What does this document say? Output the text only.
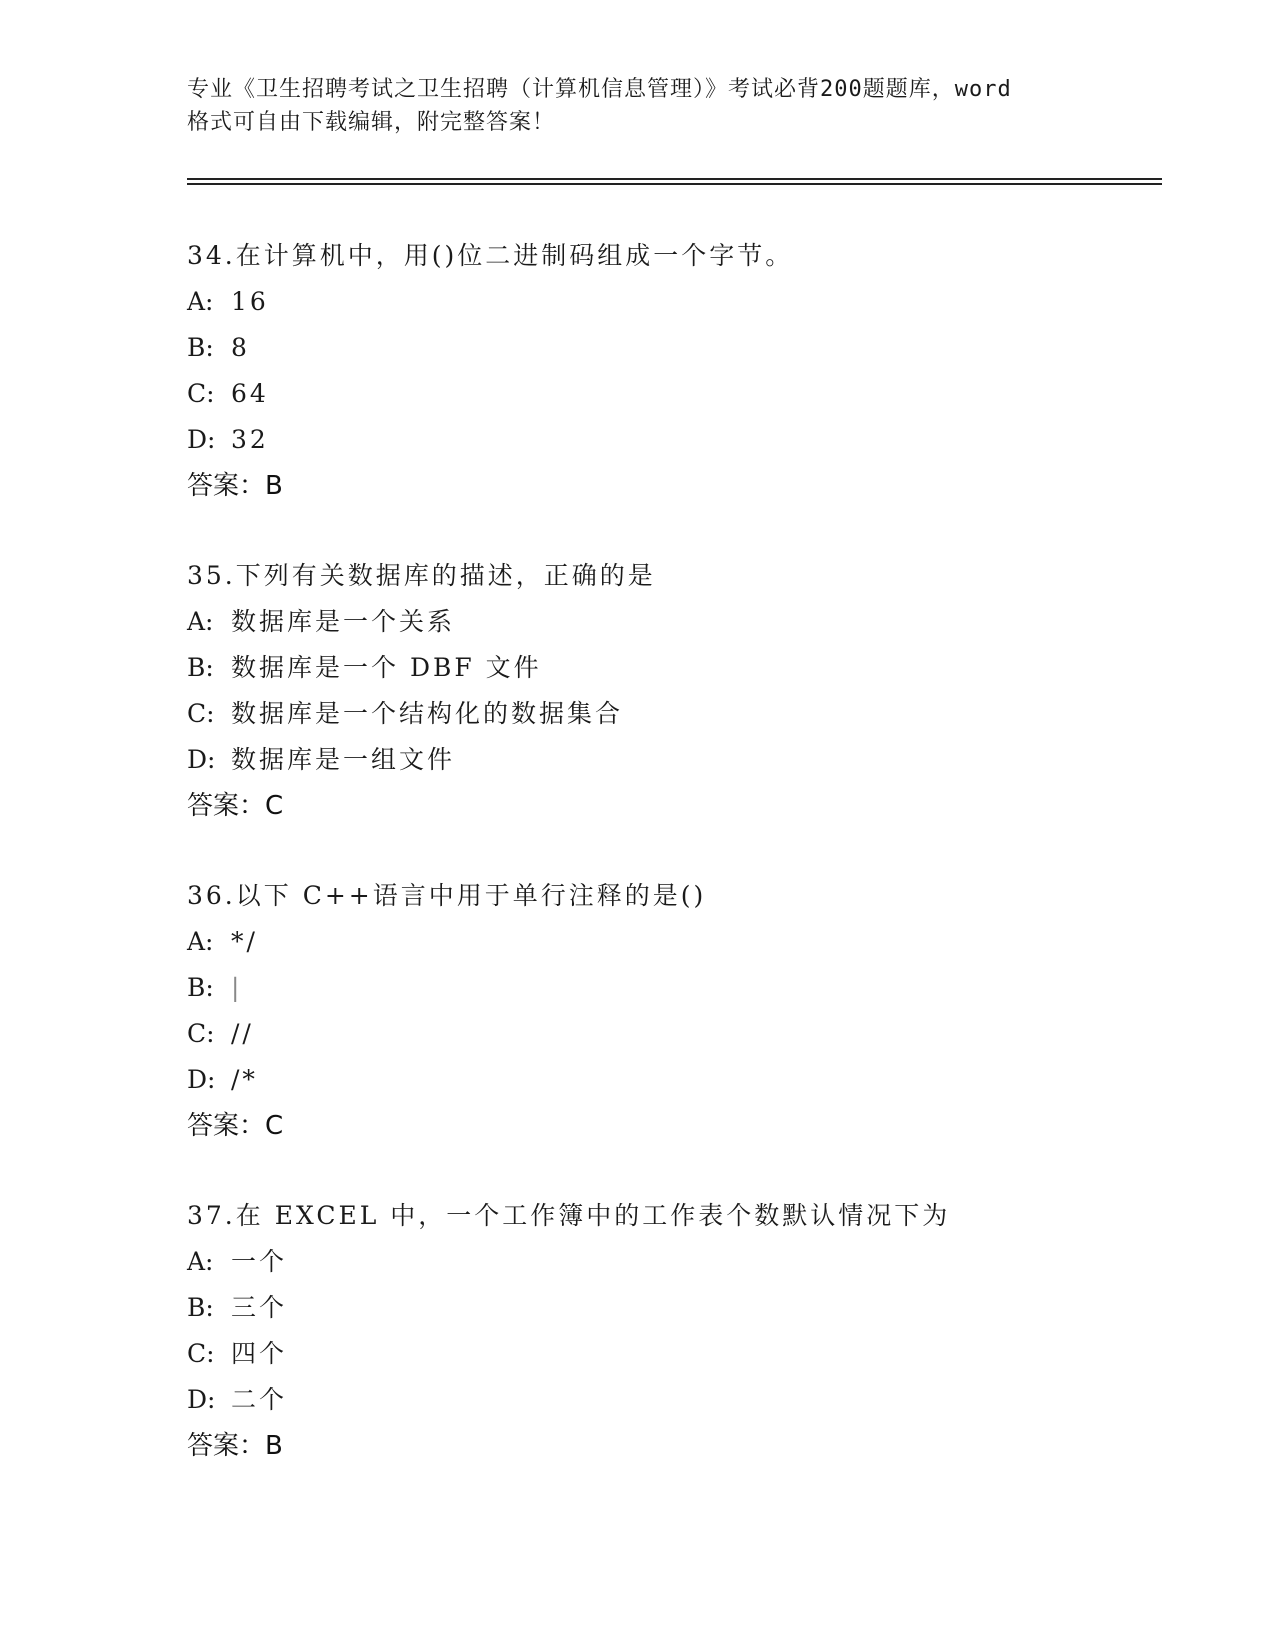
专业《卫生招聘考试之卫生招聘（计算机信息管理）》考试必背200题题库，word
格式可自由下载编辑，附完整答案！
34.在计算机中，用()位二进制码组成一个字节。
A: 16
B: 8
C: 64
D: 32
答案：B
35.下列有关数据库的描述，正确的是
A: 数据库是一个关系
B: 数据库是一个 DBF 文件
C: 数据库是一个结构化的数据集合
D: 数据库是一组文件
答案：C
36.以下 C++语言中用于单行注释的是()
A: */
B: |
C: //
D: /*
答案：C
37.在 EXCEL 中，一个工作簿中的工作表个数默认情况下为
A: 一个
B: 三个
C: 四个
D: 二个
答案：B
